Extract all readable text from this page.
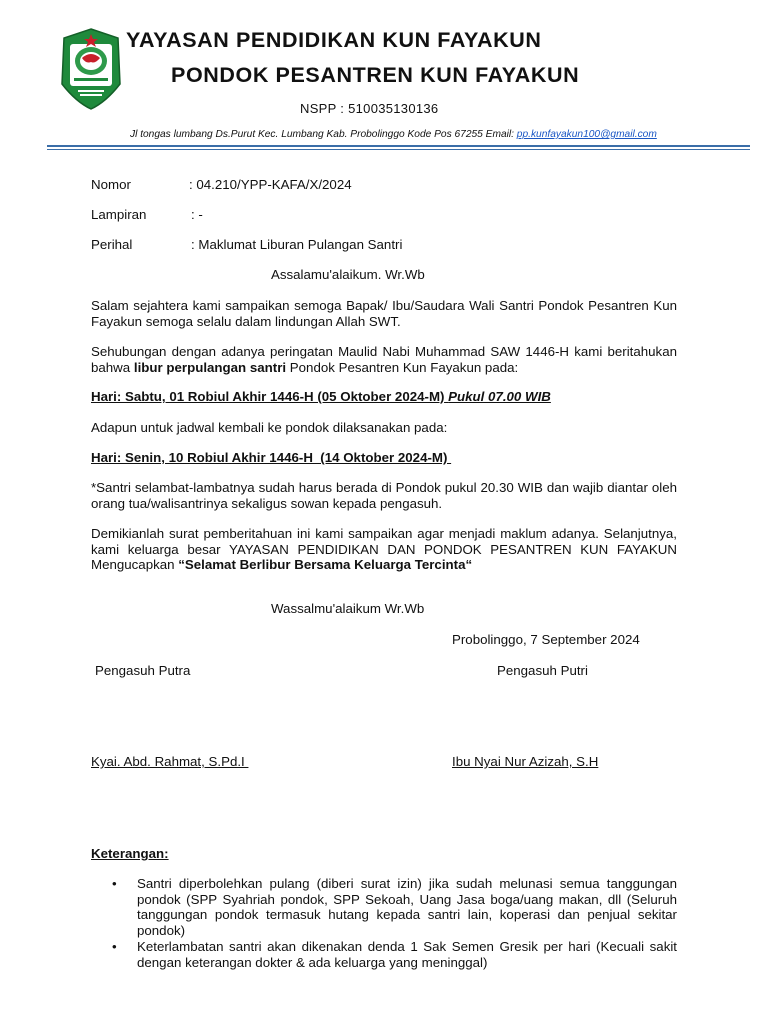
YAYASAN PENDIDIKAN KUN FAYAKUN
PONDOK PESANTREN KUN FAYAKUN
NSPP : 510035130136
Jl tongas lumbang Ds.Purut Kec. Lumbang Kab. Probolinggo Kode Pos 67255 Email: pp.kunfayakun100@gmail.com
Nomor	: 04.210/YPP-KAFA/X/2024
Lampiran	: -
Perihal	: Maklumat Liburan Pulangan Santri
Assalamu'alaikum. Wr.Wb
Salam sejahtera kami sampaikan semoga Bapak/ Ibu/Saudara Wali Santri Pondok Pesantren Kun Fayakun semoga selalu dalam lindungan Allah SWT.
Sehubungan dengan adanya peringatan Maulid Nabi Muhammad SAW 1446-H kami beritahukan bahwa libur perpulangan santri Pondok Pesantren Kun Fayakun pada:
Hari: Sabtu, 01 Robiul Akhir 1446-H (05 Oktober 2024-M) Pukul 07.00 WIB
Adapun untuk jadwal kembali ke pondok dilaksanakan pada:
Hari: Senin, 10 Robiul Akhir 1446-H  (14 Oktober 2024-M)
*Santri selambat-lambatnya sudah harus berada di Pondok pukul 20.30 WIB dan wajib diantar oleh orang tua/walisantrinya sekaligus sowan kepada pengasuh.
Demikianlah surat pemberitahuan ini kami sampaikan agar menjadi maklum adanya. Selanjutnya, kami keluarga besar YAYASAN PENDIDIKAN DAN PONDOK PESANTREN KUN FAYAKUN Mengucapkan “Selamat Berlibur Bersama Keluarga Tercinta“
Wassalmu'alaikum Wr.Wb
Probolinggo, 7 September 2024
Pengasuh Putra	Pengasuh Putri
Kyai. Abd. Rahmat, S.Pd.I	Ibu Nyai Nur Azizah, S.H
Keterangan:
• Santri diperbolehkan pulang (diberi surat izin) jika sudah melunasi semua tanggungan pondok (SPP Syahriah pondok, SPP Sekoah, Uang Jasa boga/uang makan, dll (Seluruh tanggungan pondok termasuk hutang kepada santri lain, koperasi dan penjual sekitar pondok)
• Keterlambatan santri akan dikenakan denda 1 Sak Semen Gresik per hari (Kecuali sakit dengan keterangan dokter & ada keluarga yang meninggal)
